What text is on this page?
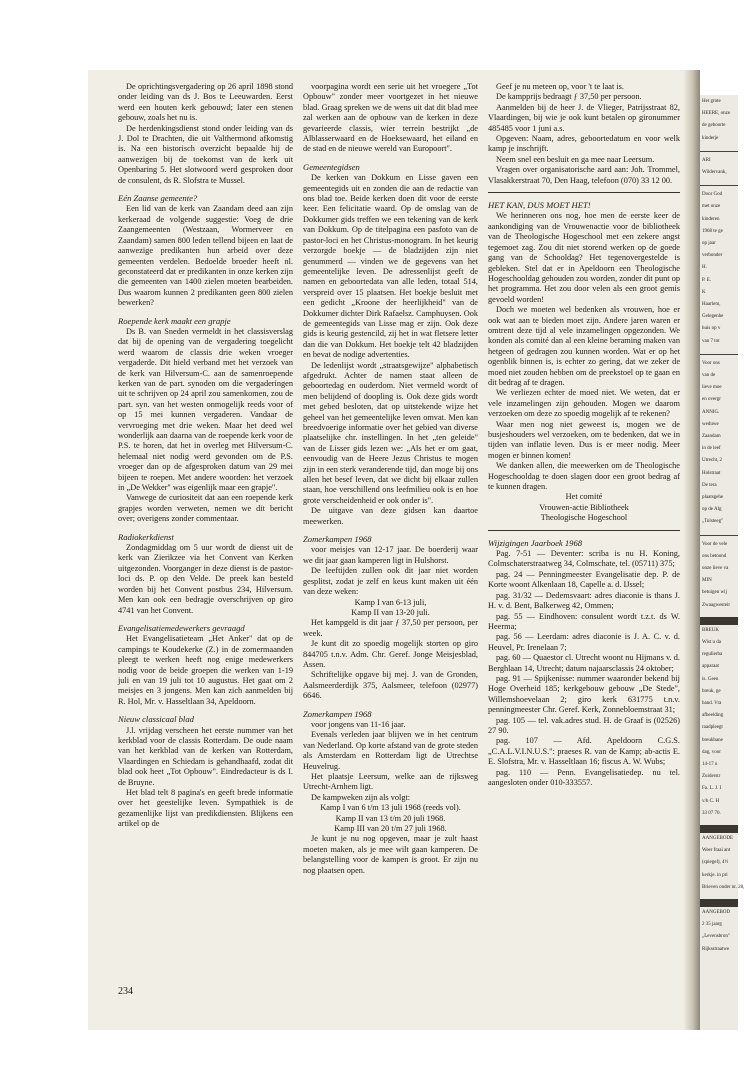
Het grote
HEERE, onze
de geboorte
kinderje
ARI
Wildervank,
Door God
met onze
kinderen
1968 te ge
op jaar
verbonder
H.
P. E.
K
Haarlem,
Gelegenhe
huis op v
van 7 tot
Voor ons
van de
lieve moe
en overgr
ANNIG.
weduwe
Zaandam
in de leef
Utrecht, 2
Holstraat
De tera
plaatsgehe
op de Alg
„Tolsteeg"
Voor de vele
ons betoond
onze lieve va
MIN
betuigen wij
Zwaagwesteir
BREUK
Wist u da
regulierba
apparaat
is. Geen
breuk, ge
band. Vra
afbeelding
raadpleegt
breukbane
dag, voor
14-17 u
Zuiderstr
Fa. L. J. I
v/h C. H
33 07 70.
AANGEBODE
Weer fraai ant
(spiegel), 4½
kerkje. in pri
Brieven onder nr. 28,
AANGEBOD
2 35 jaarg
„Levensbron"
Rijksstraatwe

De oprichtingsvergadering op 26 april 1898 stond onder leiding van ds J. Bos te Leeuwarden. Eerst werd een houten kerk gebouwd; later een stenen gebouw, zoals het nu is.

De herdenkingsdienst stond onder leiding van ds J. Dol te Drachten, die uit Valthermond afkomstig is. Na een historisch overzicht bepaalde hij de aanwezigen bij de toekomst van de kerk uit Openbaring 5. Het slotwoord werd gesproken door de consulent, ds R. Slofstra te Mussel.

Eén Zaanse gemeente?

Een lid van de kerk van Zaandam deed aan zijn kerkeraad de volgende suggestie: Voeg de drie Zaangemeenten (Westzaan, Wormerveer en Zaandam) samen 800 leden tellend bijeen en laat de aanwezige predikanten hun arbeid over deze gemeenten verdelen. Bedoelde broeder heeft nl. geconstateerd dat er predikanten in onze kerken zijn die gemeenten van 1400 zielen moeten bearbeiden. Dus waarom kunnen 2 predikanten geen 800 zielen bewerken?

Roepende kerk maakt een grapje

Ds B. van Sneden vermeldt in het classisverslag dat bij de opening van de vergadering toegelicht werd waarom de classis drie weken vroeger vergaderde. Dit hield verband met het verzoek van de kerk van Hilversum-C. aan de samenroepende kerken van de part. synoden om die vergaderingen uit te schrijven op 24 april zou samenkomen, zou de part. syn. van het westen onmogelijk reeds voor of op 15 mei kunnen vergaderen. Vandaar de vervroeging met drie weken. Maar het deed wel wonderlijk aan daarna van de roepende kerk voor de P.S. te horen, dat het in overleg met Hilversum-C. helemaal niet nodig werd gevonden om de P.S. vroeger dan op de afgesproken datum van 29 mei bijeen te roepen. Met andere woorden: het verzoek in „De Wekker" was eigenlijk maar een grapje".

Vanwege de curiositeit dat aan een roepende kerk grapjes worden verweten, nemen we dit bericht over; overigens zonder commentaar.

Radiokerkdienst

Zondagmiddag om 5 uur wordt de dienst uit de kerk van Zierikzee via het Convent van Kerken uitgezonden. Voorganger in deze dienst is de pastor-loci ds. P. op den Velde. De preek kan besteld worden bij het Convent postbus 234, Hilversum. Men kan ook een bedragje overschrijven op giro 4741 van het Convent.

Evangelisatiemedewerkers gevraagd

Het Evangelisatieteam „Het Anker" dat op de campings te Koudekerke (Z.) in de zomermaanden pleegt te werken heeft nog enige medewerkers nodig voor de beide groepen die werken van 1-19 juli en van 19 juli tot 10 augustus. Het gaat om 2 meisjes en 3 jongens. Men kan zich aanmelden bij R. Hol, Mr. v. Hasseltlaan 34, Apeldoorn.

Nieuw classicaal blad

J.l. vrijdag verscheen het eerste nummer van het kerkblad voor de classis Rotterdam. De oude naam van het kerkblad van de kerken van Rotterdam, Vlaardingen en Schiedam is gehandhaafd, zodat dit blad ook heet „Tot Opbouw". Eindredacteur is ds I. de Bruyne.

Het blad telt 8 pagina's en geeft brede informatie over het geestelijke leven. Sympathiek is de gezamenlijke lijst van predikdiensten. Blijkens een artikel op de

voorpagina wordt een serie uit het vroegere „Tot Opbouw" zonder meer voortgezet in het nieuwe blad. Graag spreken we de wens uit dat dit blad mee zal werken aan de opbouw van de kerken in deze gevarieerde classis, wier terrein bestrijkt „de Alblasserwaard en de Hoeksewaard, het eiland en de stad en de nieuwe wereld van Europoort".

Gemeentegidsen

De kerken van Dokkum en Lisse gaven een gemeentegids uit en zonden die aan de redactie van ons blad toe. Beide kerken doen dit voor de eerste keer. Een felicitatie waard. Op de omslag van de Dokkumer gids treffen we een tekening van de kerk van Dokkum. Op de titelpagina een pasfoto van de pastor-loci en het Christus-monogram. In het keurig verzorgde boekje — de bladzijden zijn niet genummerd — vinden we de gegevens van het gemeentelijke leven. De adressenlijst geeft de namen en geboortedata van alle leden, totaal 514, verspreid over 15 plaatsen. Het boekje besluit met een gedicht „Kroone der heerlijkheid" van de Dokkumer dichter Dirk Rafaelsz. Camphuysen. Ook de gemeentegids van Lisse mag er zijn. Ook deze gids is keurig gestencild, zij het in wat fletsere letter dan die van Dokkum. Het boekje telt 42 bladzijden en bevat de nodige advertenties.

De ledenlijst wordt „straatsgewijze" alphabetisch afgedrukt. Achter de namen staat alleen de geboortedag en ouderdom. Niet vermeld wordt of men belijdend of doopling is. Ook deze gids wordt met gebed besloten, dat op uitstekende wijze het geheel van het gemeentelijke leven omvat. Men kan breedvoerige informatie over het gebied van diverse plaatselijke chr. instellingen. In het „ten geleide" van de Lisser gids lezen we: „Als het er om gaat, eenvoudig van de Heere Jezus Christus te mogen zijn in een sterk veranderende tijd, dan moge bij ons allen het besef leven, dat we dicht bij elkaar zullen staan, hoe verschillend ons leefmilieu ook is en hoe grote verscheidenheid er ook onder is".

De uitgave van deze gidsen kan daartoe meewerken.

Zomerkampen 1968

voor meisjes van 12-17 jaar. De boerderij waar we dit jaar gaan kamperen ligt in Hulshorst.

De leeftijden zullen ook dit jaar niet worden gesplitst, zodat je zelf en keus kunt maken uit één van deze weken:

Kamp I van 6-13 juli,

Kamp II van 13-20 juli.

Het kampgeld is dit jaar ƒ 37,50 per persoon, per week.

Je kunt dit zo spoedig mogelijk storten op giro 844705 t.n.v. Adm. Chr. Geref. Jonge Meisjesblad, Assen.

Schriftelijke opgave bij mej. J. van de Gronden, Aalsmeerderdijk 375, Aalsmeer, telefoon (02977) 6646.

Zomerkampen 1968

voor jongens van 11-16 jaar.

Evenals verleden jaar blijven we in het centrum van Nederland. Op korte afstand van de grote steden als Amsterdam en Rotterdam ligt de Utrechtse Heuvelrug.

Het plaatsje Leersum, welke aan de rijksweg Utrecht-Arnhem ligt.

De kampweken zijn als volgt:

Kamp I van 6 t/m 13 juli 1968 (reeds vol).

Kamp II van 13 t/m 20 juli 1968.

Kamp III van 20 t/m 27 juli 1968.

Je kunt je nu nog opgeven, maar je zult haast moeten maken, als je mee wilt gaan kamperen. De belangstelling voor de kampen is groot. Er zijn nu nog plaatsen open.

Geef je nu meteen op, voor 't te laat is.

De kampprijs bedraagt ƒ 37,50 per persoon.

Aanmelden bij de heer J. de Vlieger, Patrijsstraat 82, Vlaardingen, bij wie je ook kunt betalen op gironummer 485485 voor 1 juni a.s.

Opgeven: Naam, adres, geboortedatum en voor welk kamp je inschrijft.

Neem snel een besluit en ga mee naar Leersum.

Vragen over organisatorische aard aan: Joh. Trommel, Vlasakkerstraat 70, Den Haag, telefoon (070) 33 12 00.

HET KAN, DUS MOET HET!

We herinneren ons nog, hoe men de eerste keer de aankondiging van de Vrouwenactie voor de bibliotheek van de Theologische Hogeschool met een zekere angst tegemoet zag. Zou dit niet storend werken op de goede gang van de Schooldag? Het tegenovergestelde is gebleken. Stel dat er in Apeldoorn een Theologische Hogeschooldag gehouden zou worden, zonder dit punt op het programma. Het zou door velen als een groot gemis gevoeld worden!

Doch we moeten wel bedenken als vrouwen, hoe er ook wat aan te bieden moet zijn. Andere jaren waren er omtrent deze tijd al vele inzamelingen opgezonden. We konden als comité dan al een kleine beraming maken van hetgeen of gedragen zou kunnen worden. Wat er op het ogenblik binnen is, is echter zo gering, dat we zeker de moed niet zouden hebben om de preekstoel op te gaan en dit bedrag af te dragen.

We verliezen echter de moed niet. We weten, dat er vele inzamelingen zijn gehouden. Mogen we daarom verzoeken om deze zo spoedig mogelijk af te rekenen?

Waar men nog niet geweest is, mogen we de busjeshouders wel verzoeken, om te bedenken, dat we in tijden van inflatie leven. Dus is er meer nodig. Meer mogen er binnen komen!

We danken allen, die meewerken om de Theologische Hogeschooldag te doen slagen door een groot bedrag af te kunnen dragen.

Het comité

Vrouwen-actie Bibliotheek

Theologische Hogeschool

Wijzigingen Jaarboek 1968

Pag. 7-51 — Deventer: scriba is nu H. Koning, Colmschaterstraatweg 34, Colmschate, tel. (05711) 375;

pag. 24 — Penningmeester Evangelisatie dep. P. de Korte woont Alkenlaan 18, Capelle a. d. IJssel;

pag. 31/32 — Dedemsvaart: adres diaconie is thans J. H. v. d. Bent, Balkerweg 42, Ommen;

pag. 55 — Eindhoven: consulent wordt t.z.t. ds W. Heerma;

pag. 56 — Leerdam: adres diaconie is J. A. C. v. d. Heuvel, Pr. Irenelaan 7;

pag. 60 — Quaestor cl. Utrecht woont nu Hijmans v. d. Berghlaan 14, Utrecht; datum najaarsclassis 24 oktober;

pag. 91 — Spijkenisse: nummer waaronder bekend bij Hoge Overheid 185; kerkgebouw gebouw „De Stede", Willemshoevelaan 2; giro kerk 631775 t.n.v. penningmeester Chr. Geref. Kerk, Zonnebloemstraat 31;

pag. 105 — tel. vak.adres stud. H. de Graaf is (02526) 27 90.

pag. 107 — Afd. Apeldoorn C.G.S. „C.A.L.V.I.N.U.S.": praeses R. van de Kamp; ab-actis E. E. Slofstra, Mr. v. Hasseltlaan 16; fiscus A. W. Wubs;

pag. 110 — Penn. Evangelisatiedep. nu tel. aangesloten onder 010-333557.

234
